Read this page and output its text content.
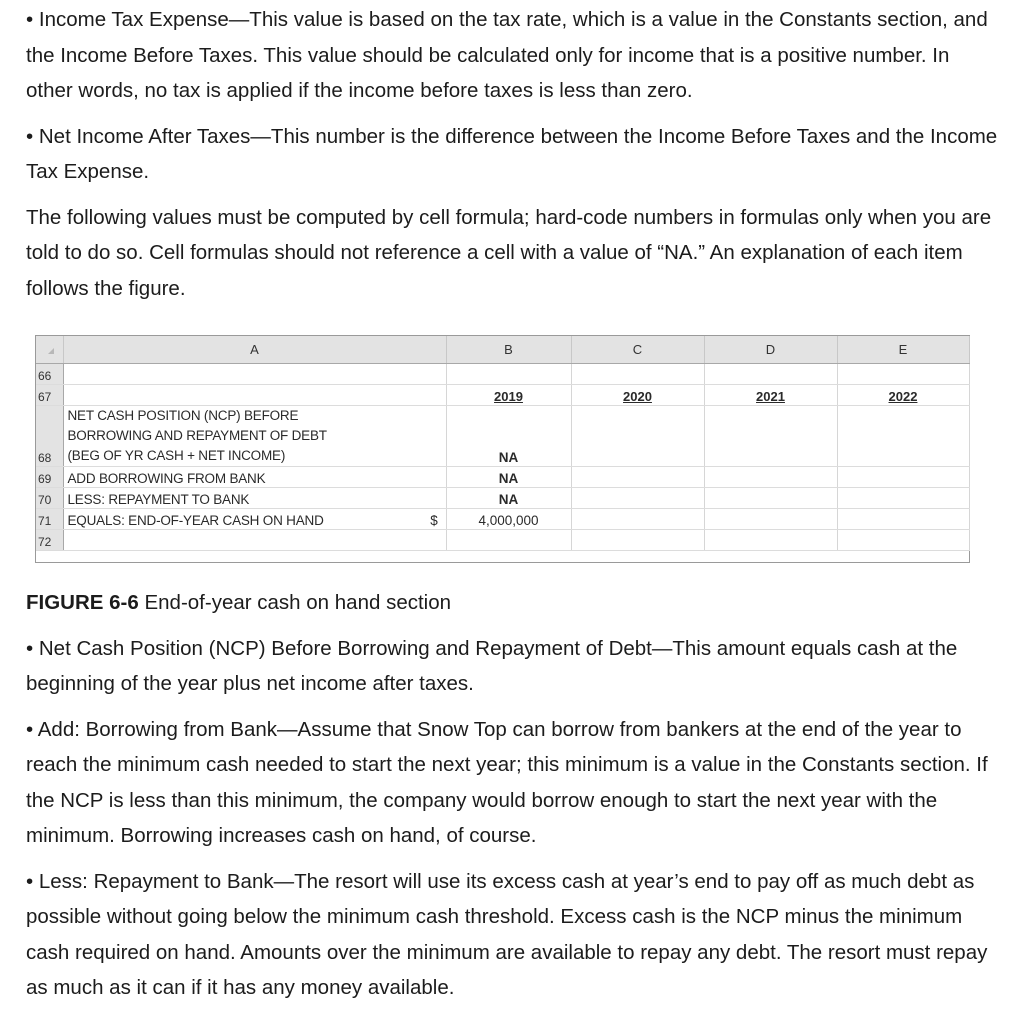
• Income Tax Expense—This value is based on the tax rate, which is a value in the Constants section, and the Income Before Taxes. This value should be calculated only for income that is a positive number. In other words, no tax is applied if the income before taxes is less than zero.

• Net Income After Taxes—This number is the difference between the Income Before Taxes and the Income Tax Expense.

The following values must be computed by cell formula; hard-code numbers in formulas only when you are told to do so. Cell formulas should not reference a cell with a value of “NA.” An explanation of each item follows the figure.

	A	B	C	D	E
66					
67		2019	2020	2021	2022
68	NET CASH POSITION (NCP) BEFORE
BORROWING AND REPAYMENT OF DEBT
(BEG OF YR CASH + NET INCOME)	NA			
69	ADD BORROWING FROM BANK	NA			
70	LESS: REPAYMENT TO BANK	NA			
71	EQUALS: END-OF-YEAR CASH ON HAND $	4,000,000			
72					

FIGURE 6-6 End-of-year cash on hand section

• Net Cash Position (NCP) Before Borrowing and Repayment of Debt—This amount equals cash at the beginning of the year plus net income after taxes.

• Add: Borrowing from Bank—Assume that Snow Top can borrow from bankers at the end of the year to reach the minimum cash needed to start the next year; this minimum is a value in the Constants section. If the NCP is less than this minimum, the company would borrow enough to start the next year with the minimum. Borrowing increases cash on hand, of course.

• Less: Repayment to Bank—The resort will use its excess cash at year’s end to pay off as much debt as possible without going below the minimum cash threshold. Excess cash is the NCP minus the minimum cash required on hand. Amounts over the minimum are available to repay any debt. The resort must repay as much as it can if it has any money available.
